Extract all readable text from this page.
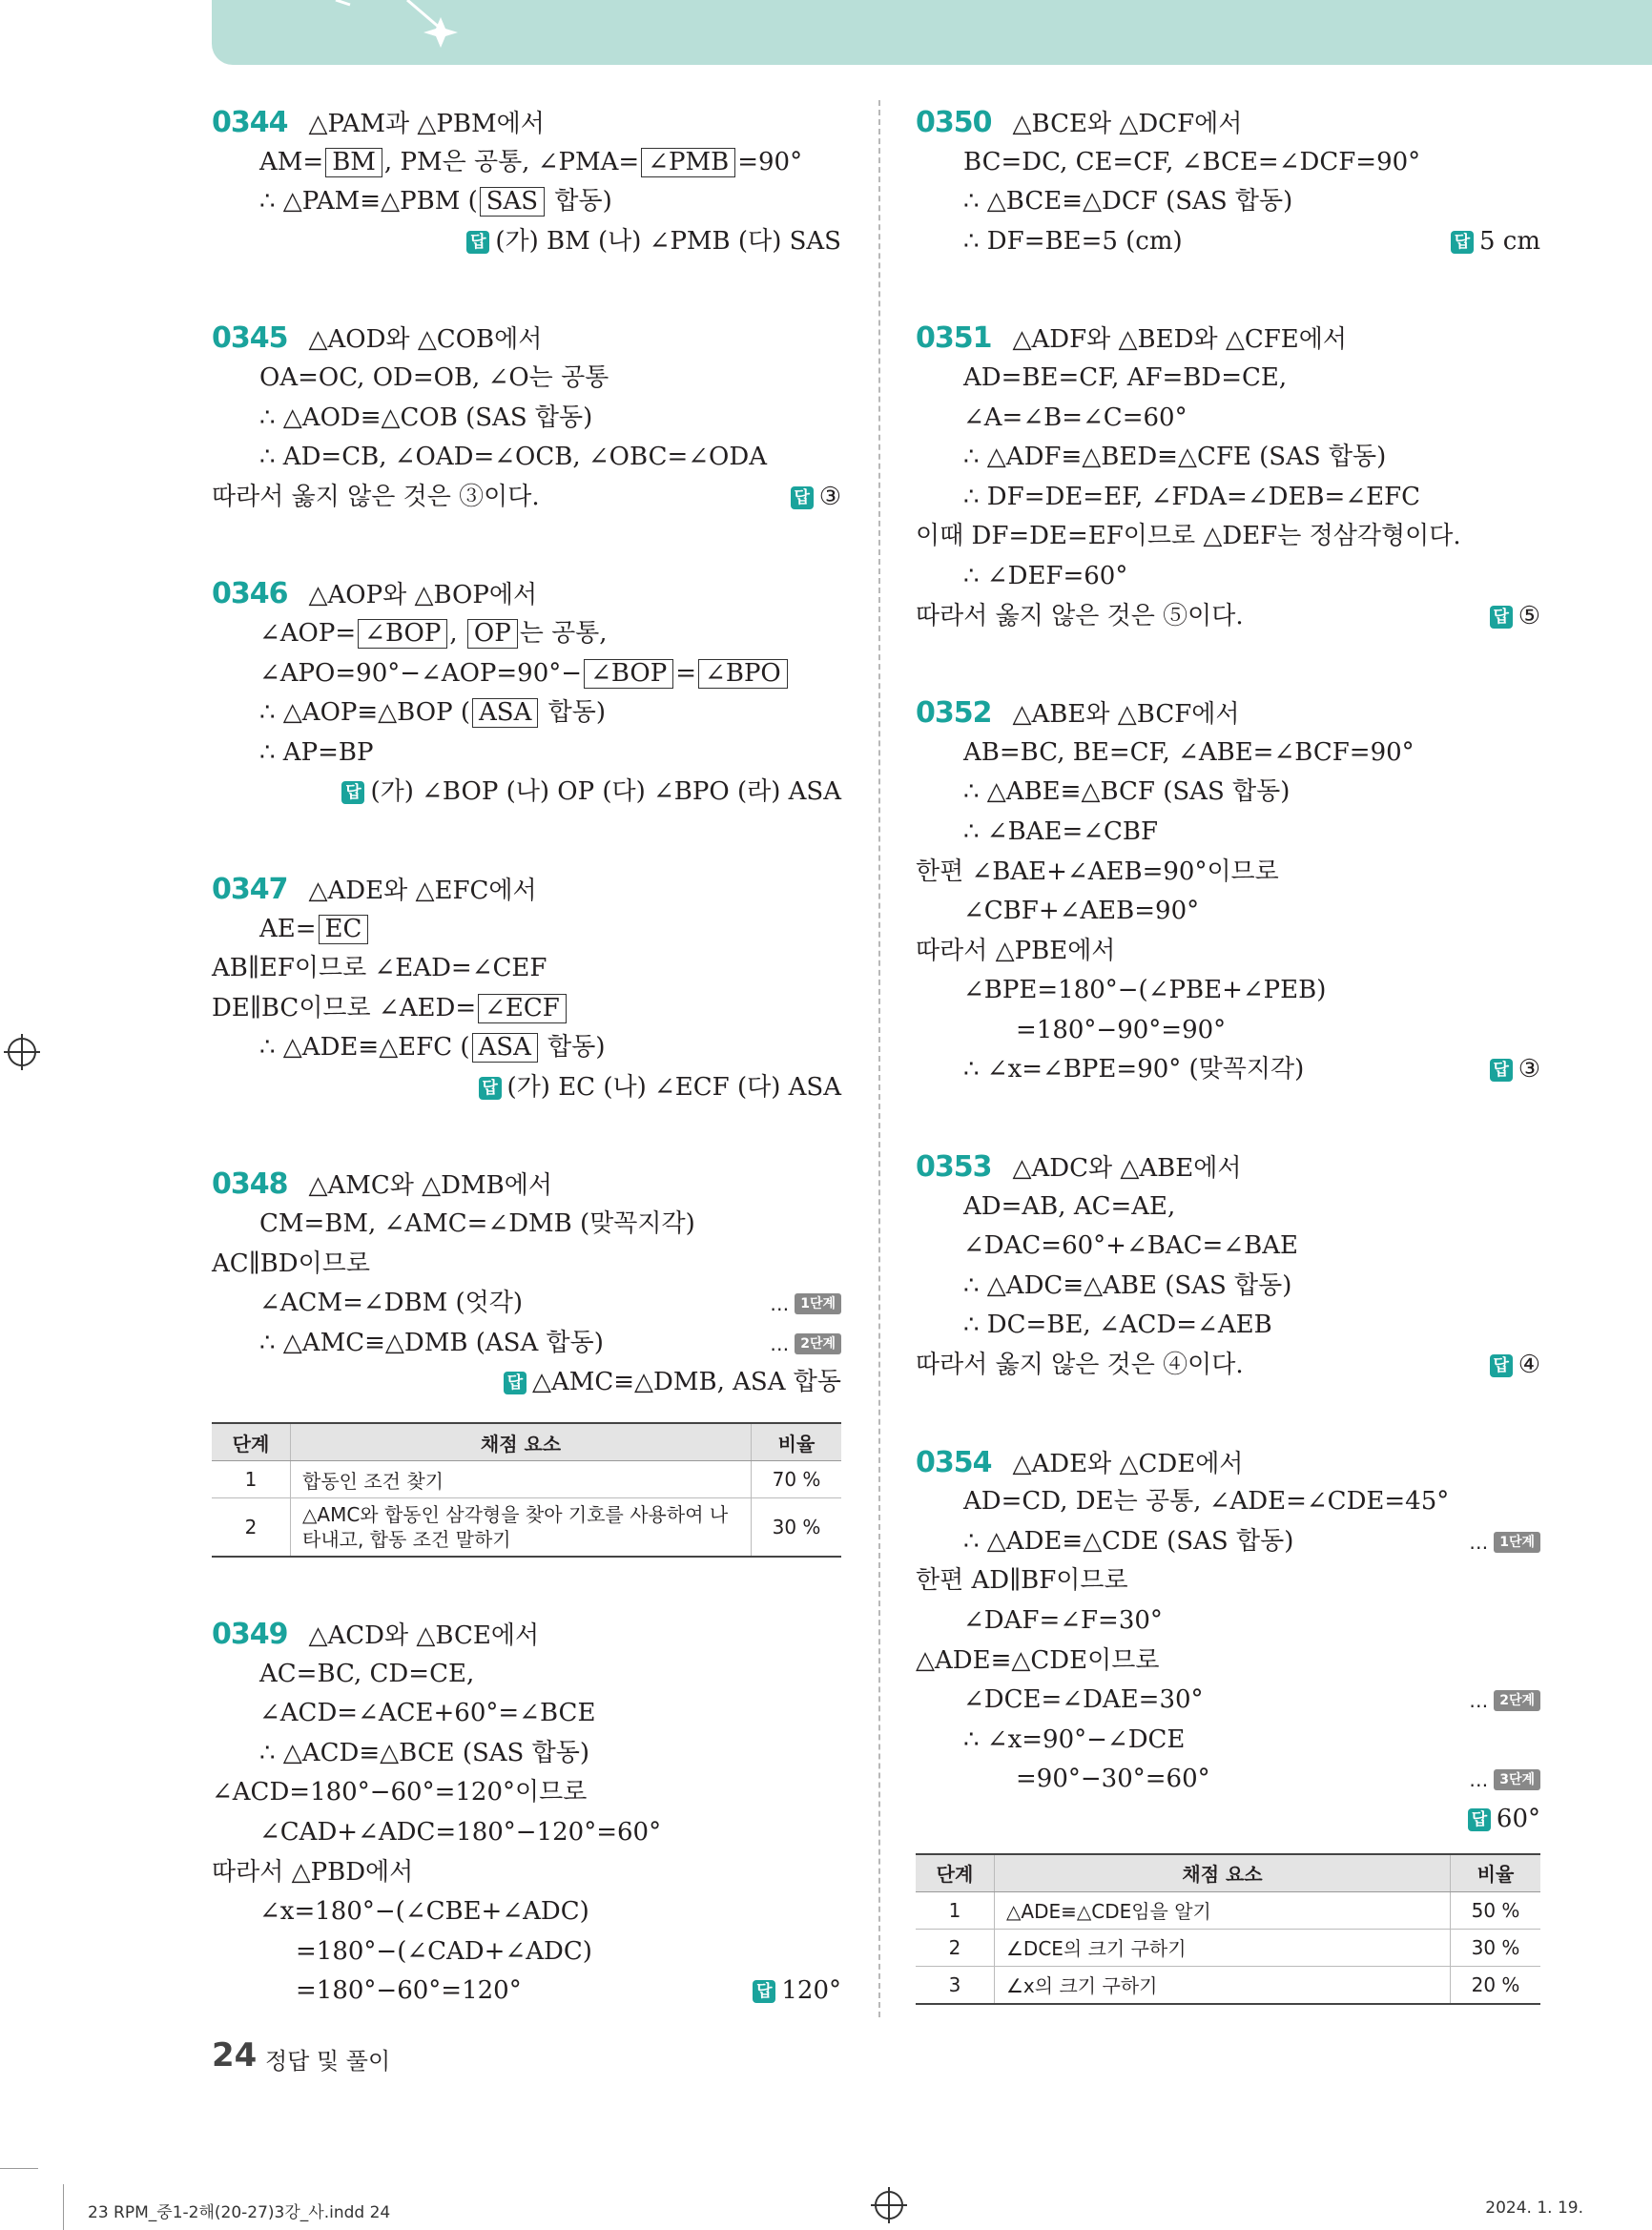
0344 △PAM과 △PBM에서
AM= BM , PM은 공통, ∠PMA= ∠PMB =90°
∴ △PAM≡△PBM ( SAS 합동)
답 (가) BM (나) ∠PMB (다) SAS
0345 △AOD와 △COB에서
OA=OC, OD=OB, ∠O는 공통
∴ △AOD≡△COB (SAS 합동)
∴ AD=CB, ∠OAD=∠OCB, ∠OBC=∠ODA
따라서 옳지 않은 것은 ③이다.	답 ③
0346 △AOP와 △BOP에서
∠AOP= ∠BOP , OP 는 공통,
∠APO=90°−∠AOP=90°− ∠BOP = ∠BPO
∴ △AOP≡△BOP ( ASA 합동)
∴ AP=BP
답 (가) ∠BOP (나) OP (다) ∠BPO (라) ASA
0347 △ADE와 △EFC에서
AE= EC
AB∥EF이므로 ∠EAD=∠CEF
DE∥BC이므로 ∠AED= ∠ECF
∴ △ADE≡△EFC ( ASA 합동)
답 (가) EC (나) ∠ECF (다) ASA
0348 △AMC와 △DMB에서
CM=BM, ∠AMC=∠DMB (맞꼭지각)
AC∥BD이므로
∠ACM=∠DBM (엇각)	… 1단계
∴ △AMC≡△DMB (ASA 합동)	… 2단계
답 △AMC≡△DMB, ASA 합동
단계	채점 요소	비율
1	합동인 조건 찾기	70 %
2	△AMC와 합동인 삼각형을 찾아 기호를 사용하여 나타내고, 합동 조건 말하기	30 %
0349 △ACD와 △BCE에서
AC=BC, CD=CE,
∠ACD=∠ACE+60°=∠BCE
∴ △ACD≡△BCE (SAS 합동)
∠ACD=180°−60°=120°이므로
∠CAD+∠ADC=180°−120°=60°
따라서 △PBD에서
∠x=180°−(∠CBE+∠ADC)
=180°−(∠CAD+∠ADC)
=180°−60°=120°	답 120°
0350 △BCE와 △DCF에서
BC=DC, CE=CF, ∠BCE=∠DCF=90°
∴ △BCE≡△DCF (SAS 합동)
∴ DF=BE=5 (cm)	답 5 cm
0351 △ADF와 △BED와 △CFE에서
AD=BE=CF, AF=BD=CE,
∠A=∠B=∠C=60°
∴ △ADF≡△BED≡△CFE (SAS 합동)
∴ DF=DE=EF, ∠FDA=∠DEB=∠EFC
이때 DF=DE=EF이므로 △DEF는 정삼각형이다.
∴ ∠DEF=60°
따라서 옳지 않은 것은 ⑤이다.	답 ⑤
0352 △ABE와 △BCF에서
AB=BC, BE=CF, ∠ABE=∠BCF=90°
∴ △ABE≡△BCF (SAS 합동)
∴ ∠BAE=∠CBF
한편 ∠BAE+∠AEB=90°이므로
∠CBF+∠AEB=90°
따라서 △PBE에서
∠BPE=180°−(∠PBE+∠PEB)
=180°−90°=90°
∴ ∠x=∠BPE=90° (맞꼭지각)	답 ③
0353 △ADC와 △ABE에서
AD=AB, AC=AE,
∠DAC=60°+∠BAC=∠BAE
∴ △ADC≡△ABE (SAS 합동)
∴ DC=BE, ∠ACD=∠AEB
따라서 옳지 않은 것은 ④이다.	답 ④
0354 △ADE와 △CDE에서
AD=CD, DE는 공통, ∠ADE=∠CDE=45°
∴ △ADE≡△CDE (SAS 합동)	… 1단계
한편 AD∥BF이므로
∠DAF=∠F=30°
△ADE≡△CDE이므로
∠DCE=∠DAE=30°	… 2단계
∴ ∠x=90°−∠DCE
=90°−30°=60°	… 3단계
답 60°
단계	채점 요소	비율
1	△ADE≡△CDE임을 알기	50 %
2	∠DCE의 크기 구하기	30 %
3	∠x의 크기 구하기	20 %
24 정답 및 풀이
23 RPM_중1-2해(20-27)3강_사.indd 24	2024. 1. 19.
